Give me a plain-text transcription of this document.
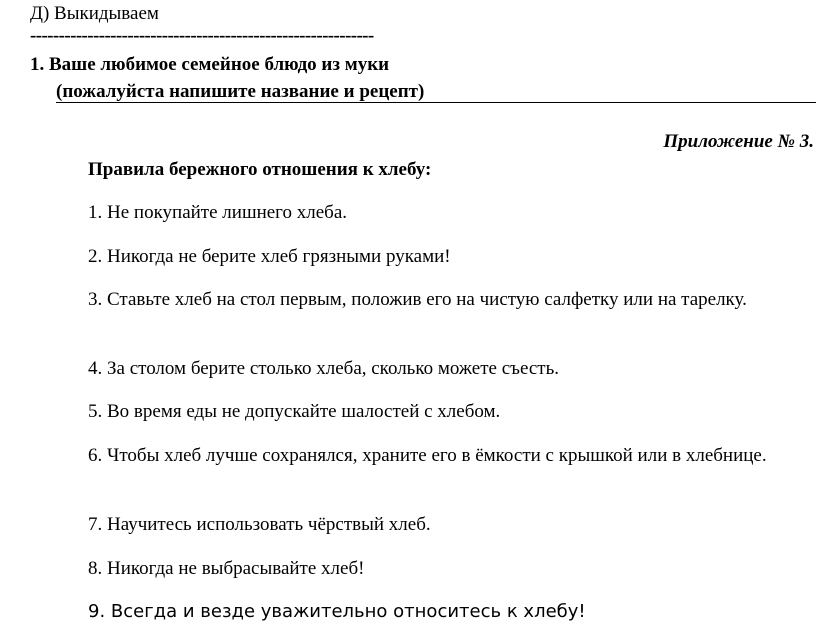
Д) Выкидываем
------------------------------------------------------------
1. Ваше любимое семейное блюдо из муки
(пожалуйста напишите название и рецепт)
Приложение № 3.
Правила бережного отношения к хлебу:
1. Не покупайте лишнего хлеба.
2. Никогда не берите хлеб грязными руками!
3. Ставьте хлеб на стол первым, положив его на чистую салфетку или на тарелку.
4. За столом берите столько хлеба, сколько можете съесть.
5. Во время еды не допускайте шалостей с хлебом.
6. Чтобы хлеб лучше сохранялся, храните его в ёмкости с крышкой или в хлебнице.
7. Научитесь использовать чёрствый хлеб.
8. Никогда не выбрасывайте хлеб!
9. Всегда и везде уважительно относитесь к хлебу!
